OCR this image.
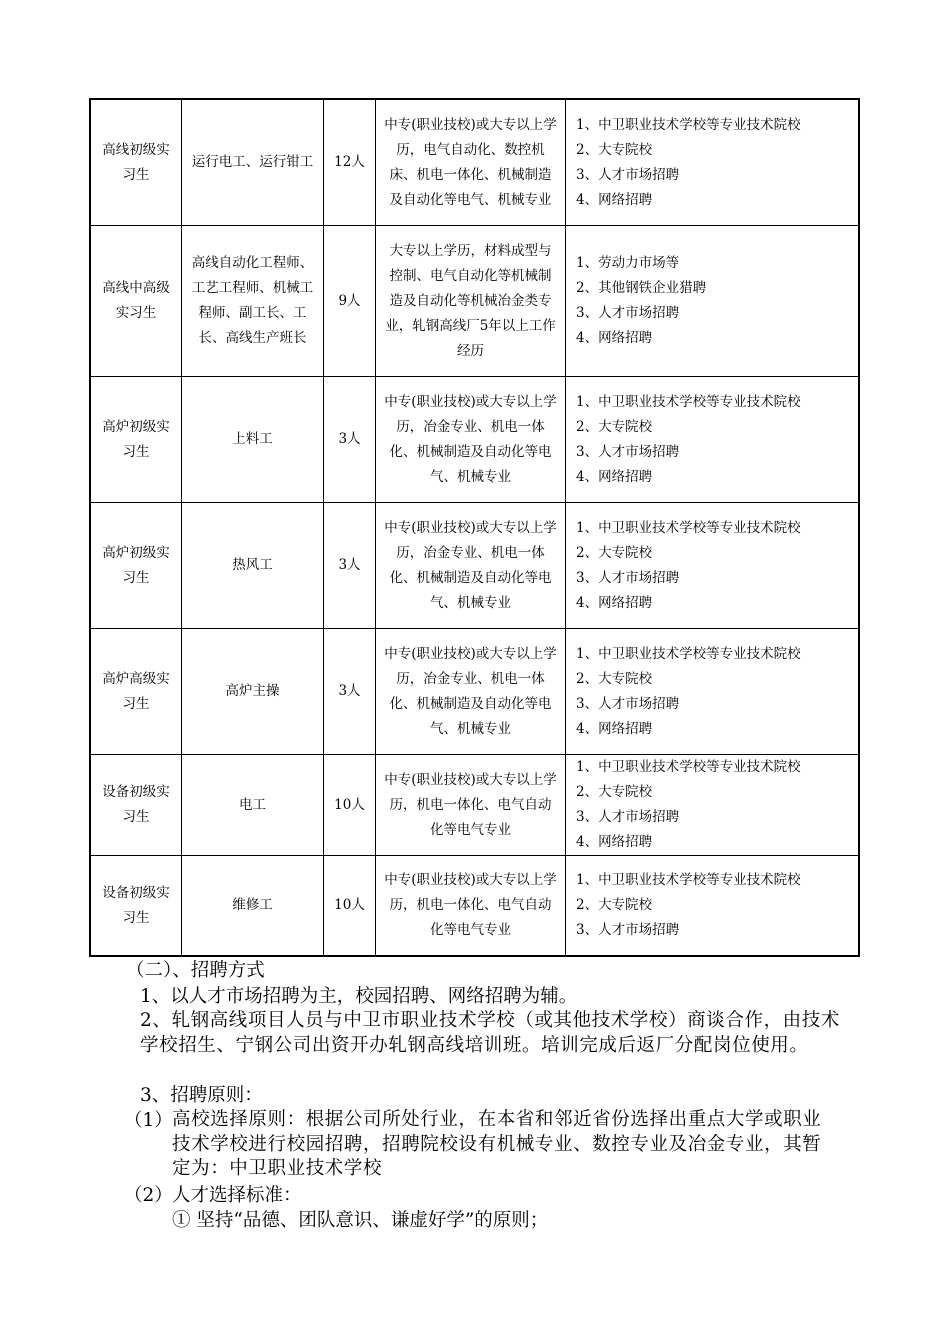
高线初级实习生	运行电工、运行钳工	12人	中专(职业技校)或大专以上学历，电气自动化、数控机床、机电一体化、机械制造及自动化等电气、机械专业	1、中卫职业技术学校等专业技术院校
2、大专院校
3、人才市场招聘
4、网络招聘

高线中高级实习生	高线自动化工程师、工艺工程师、机械工程师、副工长、工长、高线生产班长	9人	大专以上学历，材料成型与控制、电气自动化等机械制造及自动化等机械冶金类专业，轧钢高线厂5年以上工作经历	1、劳动力市场等
2、其他钢铁企业猎聘
3、人才市场招聘
4、网络招聘

高炉初级实习生	上料工	3人	中专(职业技校)或大专以上学历，冶金专业、机电一体化、机械制造及自动化等电气、机械专业	1、中卫职业技术学校等专业技术院校
2、大专院校
3、人才市场招聘
4、网络招聘

高炉初级实习生	热风工	3人	中专(职业技校)或大专以上学历，冶金专业、机电一体化、机械制造及自动化等电气、机械专业	1、中卫职业技术学校等专业技术院校
2、大专院校
3、人才市场招聘
4、网络招聘

高炉高级实习生	高炉主操	3人	中专(职业技校)或大专以上学历，冶金专业、机电一体化、机械制造及自动化等电气、机械专业	1、中卫职业技术学校等专业技术院校
2、大专院校
3、人才市场招聘
4、网络招聘

设备初级实习生	电工	10人	中专(职业技校)或大专以上学历，机电一体化、电气自动化等电气专业	1、中卫职业技术学校等专业技术院校
2、大专院校
3、人才市场招聘
4、网络招聘

设备初级实习生	维修工	10人	中专(职业技校)或大专以上学历，机电一体化、电气自动化等电气专业	1、中卫职业技术学校等专业技术院校
2、大专院校
3、人才市场招聘
（二）、招聘方式
1、以人才市场招聘为主，校园招聘、网络招聘为辅。
2、轧钢高线项目人员与中卫市职业技术学校（或其他技术学校）商谈合作，由技术学校招生、宁钢公司出资开办轧钢高线培训班。培训完成后返厂分配岗位使用。
3、招聘原则：
（1） 高校选择原则：根据公司所处行业，在本省和邻近省份选择出重点大学或职业技术学校进行校园招聘，招聘院校设有机械专业、数控专业及冶金专业，其暂定为：中卫职业技术学校
（2） 人才选择标准：
① 坚持“品德、团队意识、谦虚好学”的原则；
